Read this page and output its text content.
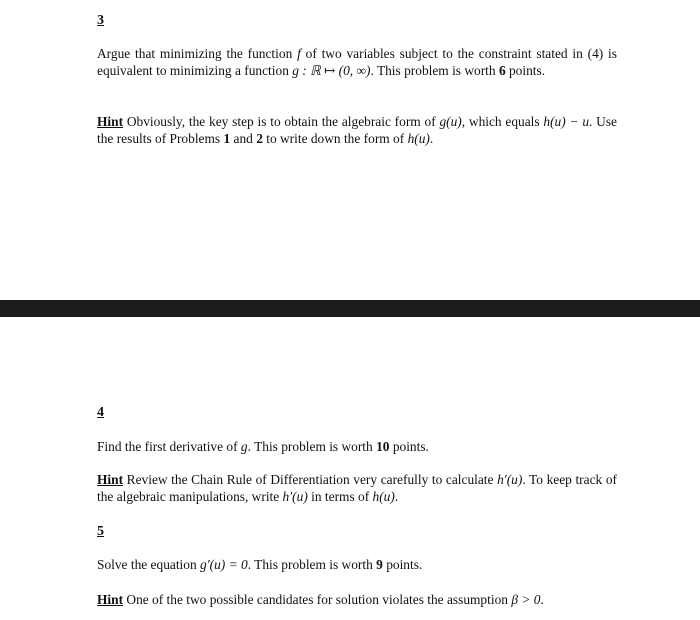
3
Argue that minimizing the function f of two variables subject to the constraint stated in (4) is equivalent to minimizing a function g : ℝ ↦ (0, ∞). This problem is worth 6 points.
Hint Obviously, the key step is to obtain the algebraic form of g(u), which equals h(u) − u. Use the results of Problems 1 and 2 to write down the form of h(u).
4
Find the first derivative of g. This problem is worth 10 points.
Hint Review the Chain Rule of Differentiation very carefully to calculate h′(u). To keep track of the algebraic manipulations, write h′(u) in terms of h(u).
5
Solve the equation g′(u) = 0. This problem is worth 9 points.
Hint One of the two possible candidates for solution violates the assumption β > 0.
